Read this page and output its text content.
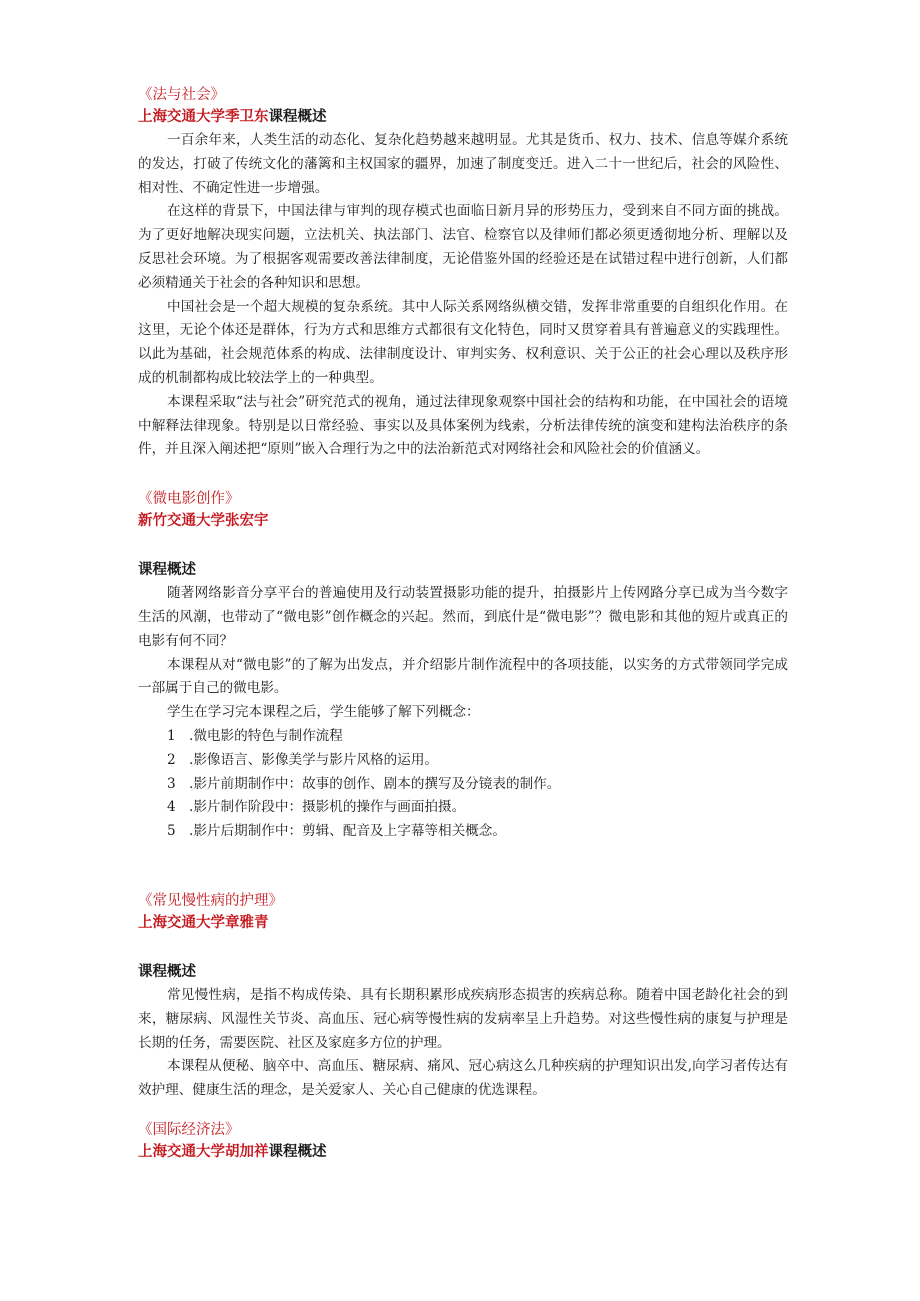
《法与社会》
上海交通大学季卫东课程概述

一百余年来，人类生活的动态化、复杂化趋势越来越明显。尤其是货币、权力、技术、信息等媒介系统的发达，打破了传统文化的藩篱和主权国家的疆界，加速了制度变迁。进入二十一世纪后，社会的风险性、相对性、不确定性进一步增强。

在这样的背景下，中国法律与审判的现存模式也面临日新月异的形势压力，受到来自不同方面的挑战。为了更好地解决现实问题，立法机关、执法部门、法官、检察官以及律师们都必须更透彻地分析、理解以及反思社会环境。为了根据客观需要改善法律制度，无论借鉴外国的经验还是在试错过程中进行创新，人们都必须精通关于社会的各种知识和思想。

中国社会是一个超大规模的复杂系统。其中人际关系网络纵横交错，发挥非常重要的自组织化作用。在这里，无论个体还是群体，行为方式和思维方式都很有文化特色，同时又贯穿着具有普遍意义的实践理性。以此为基础，社会规范体系的构成、法律制度设计、审判实务、权利意识、关于公正的社会心理以及秩序形成的机制都构成比较法学上的一种典型。

本课程采取“法与社会”研究范式的视角，通过法律现象观察中国社会的结构和功能，在中国社会的语境中解释法律现象。特别是以日常经验、事实以及具体案例为线索，分析法律传统的演变和建构法治秩序的条件，并且深入阐述把“原则”嵌入合理行为之中的法治新范式对网络社会和风险社会的价值涵义。

《微电影创作》
新竹交通大学张宏宇
课程概述

随著网络影音分享平台的普遍使用及行动装置摄影功能的提升，拍摄影片上传网路分享已成为当今数字生活的风潮，也带动了“微电影”创作概念的兴起。然而，到底什是“微电影”？微电影和其他的短片或真正的电影有何不同？

本课程从对“微电影”的了解为出发点，并介绍影片制作流程中的各项技能，以实务的方式带领同学完成一部属于自己的微电影。

学生在学习完本课程之后，学生能够了解下列概念：

1 .微电影的特色与制作流程
2 .影像语言、影像美学与影片风格的运用。
3 .影片前期制作中：故事的创作、剧本的撰写及分镜表的制作。
4 .影片制作阶段中：摄影机的操作与画面拍摄。
5 .影片后期制作中：剪辑、配音及上字幕等相关概念。
《常见慢性病的护理》
上海交通大学章雅青
课程概述

常见慢性病，是指不构成传染、具有长期积累形成疾病形态损害的疾病总称。随着中国老龄化社会的到来，糖尿病、风湿性关节炎、高血压、冠心病等慢性病的发病率呈上升趋势。对这些慢性病的康复与护理是长期的任务，需要医院、社区及家庭多方位的护理。

本课程从便秘、脑卒中、高血压、糖尿病、痛风、冠心病这么几种疾病的护理知识出发,向学习者传达有效护理、健康生活的理念，是关爱家人、关心自己健康的优选课程。

《国际经济法》
上海交通大学胡加祥课程概述
